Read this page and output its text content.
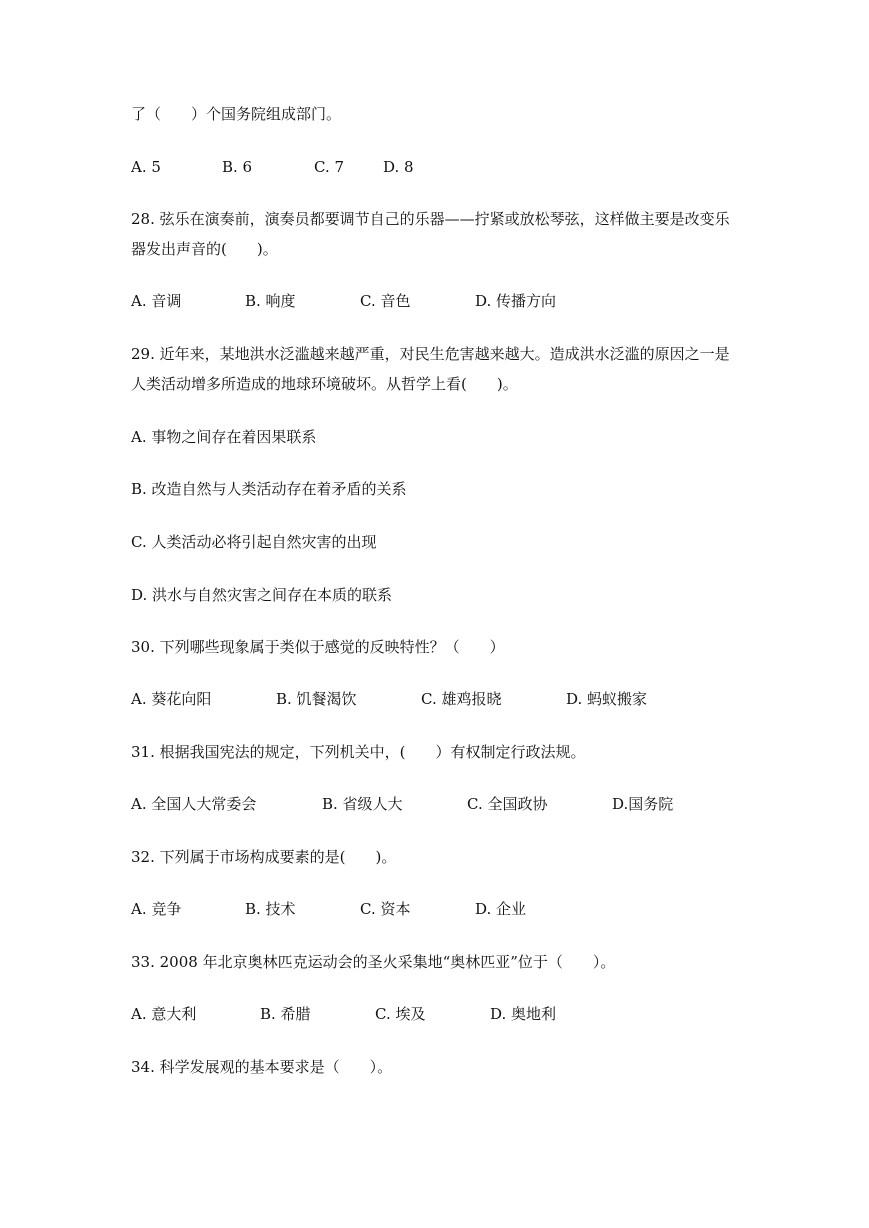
了（　　）个国务院组成部门。
A. 5	B. 6	C. 7	D. 8
28. 弦乐在演奏前，演奏员都要调节自己的乐器——拧紧或放松琴弦，这样做主要是改变乐
器发出声音的(　　)。
A. 音调	B. 响度	C. 音色	D. 传播方向
29. 近年来，某地洪水泛滥越来越严重，对民生危害越来越大。造成洪水泛滥的原因之一是
人类活动增多所造成的地球环境破坏。从哲学上看(　　)。
A. 事物之间存在着因果联系
B. 改造自然与人类活动存在着矛盾的关系
C. 人类活动必将引起自然灾害的出现
D. 洪水与自然灾害之间存在本质的联系
30. 下列哪些现象属于类似于感觉的反映特性？（　　）
A. 葵花向阳	B. 饥餐渴饮	C. 雄鸡报晓	D. 蚂蚁搬家
31. 根据我国宪法的规定，下列机关中，(　　）有权制定行政法规。
A. 全国人大常委会	B. 省级人大	C. 全国政协	D.国务院
32. 下列属于市场构成要素的是(　　)。
A. 竞争	B. 技术	C. 资本	D. 企业
33. 2008 年北京奥林匹克运动会的圣火采集地“奥林匹亚”位于（　　）。
A. 意大利	B. 希腊	C. 埃及	D. 奥地利
34. 科学发展观的基本要求是（　　）。
